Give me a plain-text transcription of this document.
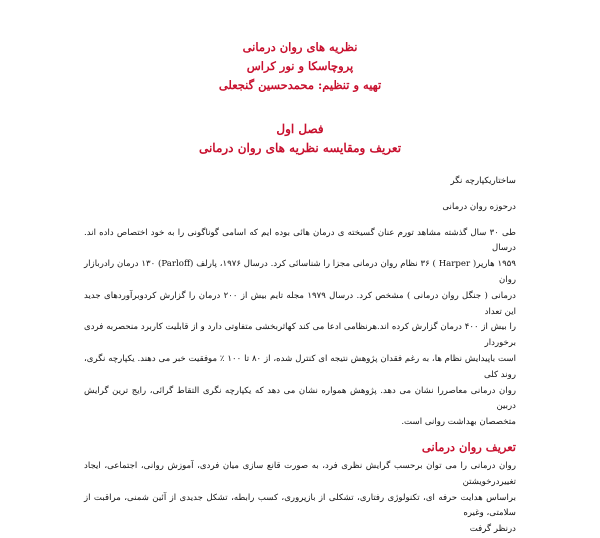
نظریه های روان درمانی
پروچاسکا و نور کراس
تهیه و تنظیم: محمدحسین گنجعلی
فصل اول
تعریف ومقایسه نظریه های روان درمانی

ساختاریکپارچه نگر

درحوزه روان درمانی

طی ۳۰ سال گذشته مشاهد تورم عنان گسیخته ی درمان هائی بوده ایم که اسامی گوناگونی را به خود اختصاص داده اند. درسال

۱۹۵۹ هارپر( Harper ) ۳۶ نظام روان درمانی مجزا را شناسائی کرد. درسال ۱۹۷۶، پارلف (Parloff) ۱۳۰ درمان رادربازار روان

درمانی ( جنگل روان درمانی ) مشخص کرد. درسال ۱۹۷۹ مجله تایم بیش از ۲۰۰ درمان را گزارش کردوبرآوردهای جدید این تعداد

را بیش از ۴۰۰ درمان گزارش کرده اند.هرنظامی ادعا می کند کهاثربخشی متفاوتی دارد و از قابلیت کاربرد منحصربه فردی برخوردار

است باپیدایش نظام ها، به رغم فقدان پژوهش نتیجه ای کنترل شده، از ۸۰ تا ۱۰۰ ٪ موفقیت خبر می دهند. یکپارچه نگری، روند کلی

روان درمانی معاصررا نشان می دهد. پژوهش همواره نشان می دهد که یکپارچه نگری التقاط گرائی، رایج ترین گرایش دربین

متخصصان بهداشت روانی است.

تعریف روان درمانی

روان درمانی را می توان برحسب گرایش نظری فرد، به صورت قانع سازی میان فردی، آموزش روانی، اجتماعی، ایجاد تغییردرخویشتن

براساس هدایت حرفه ای، تکنولوژی رفتاری، تشکلی از بازپروری، کسب رابطه، تشکل جدیدی از آئین شمنی، مراقبت از سلامتی، وغیره

درنظر گرفت
